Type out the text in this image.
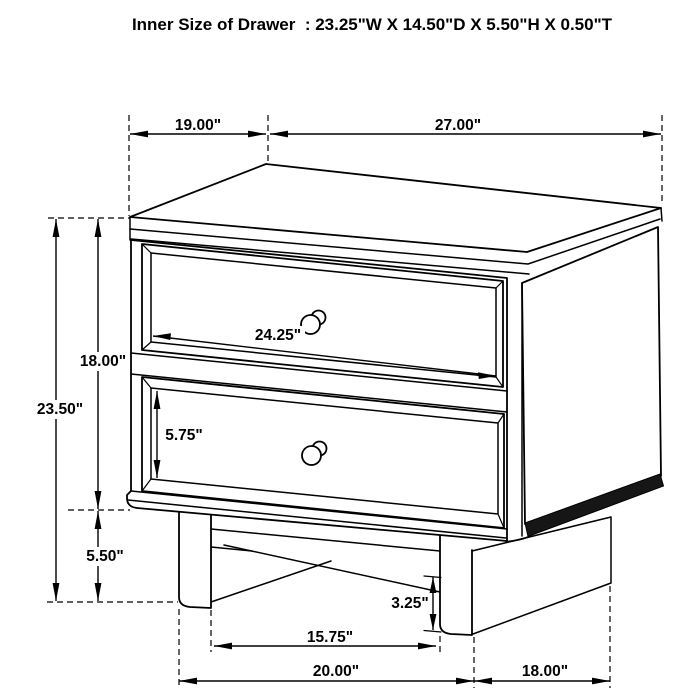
Inner Size of Drawer  : 23.25"W X 14.50"D X 5.50"H X 0.50"T
19.00"	27.00"
18.00"
23.50"
5.50"
24.25"
5.75"
3.25"
15.75"
20.00"	18.00"
